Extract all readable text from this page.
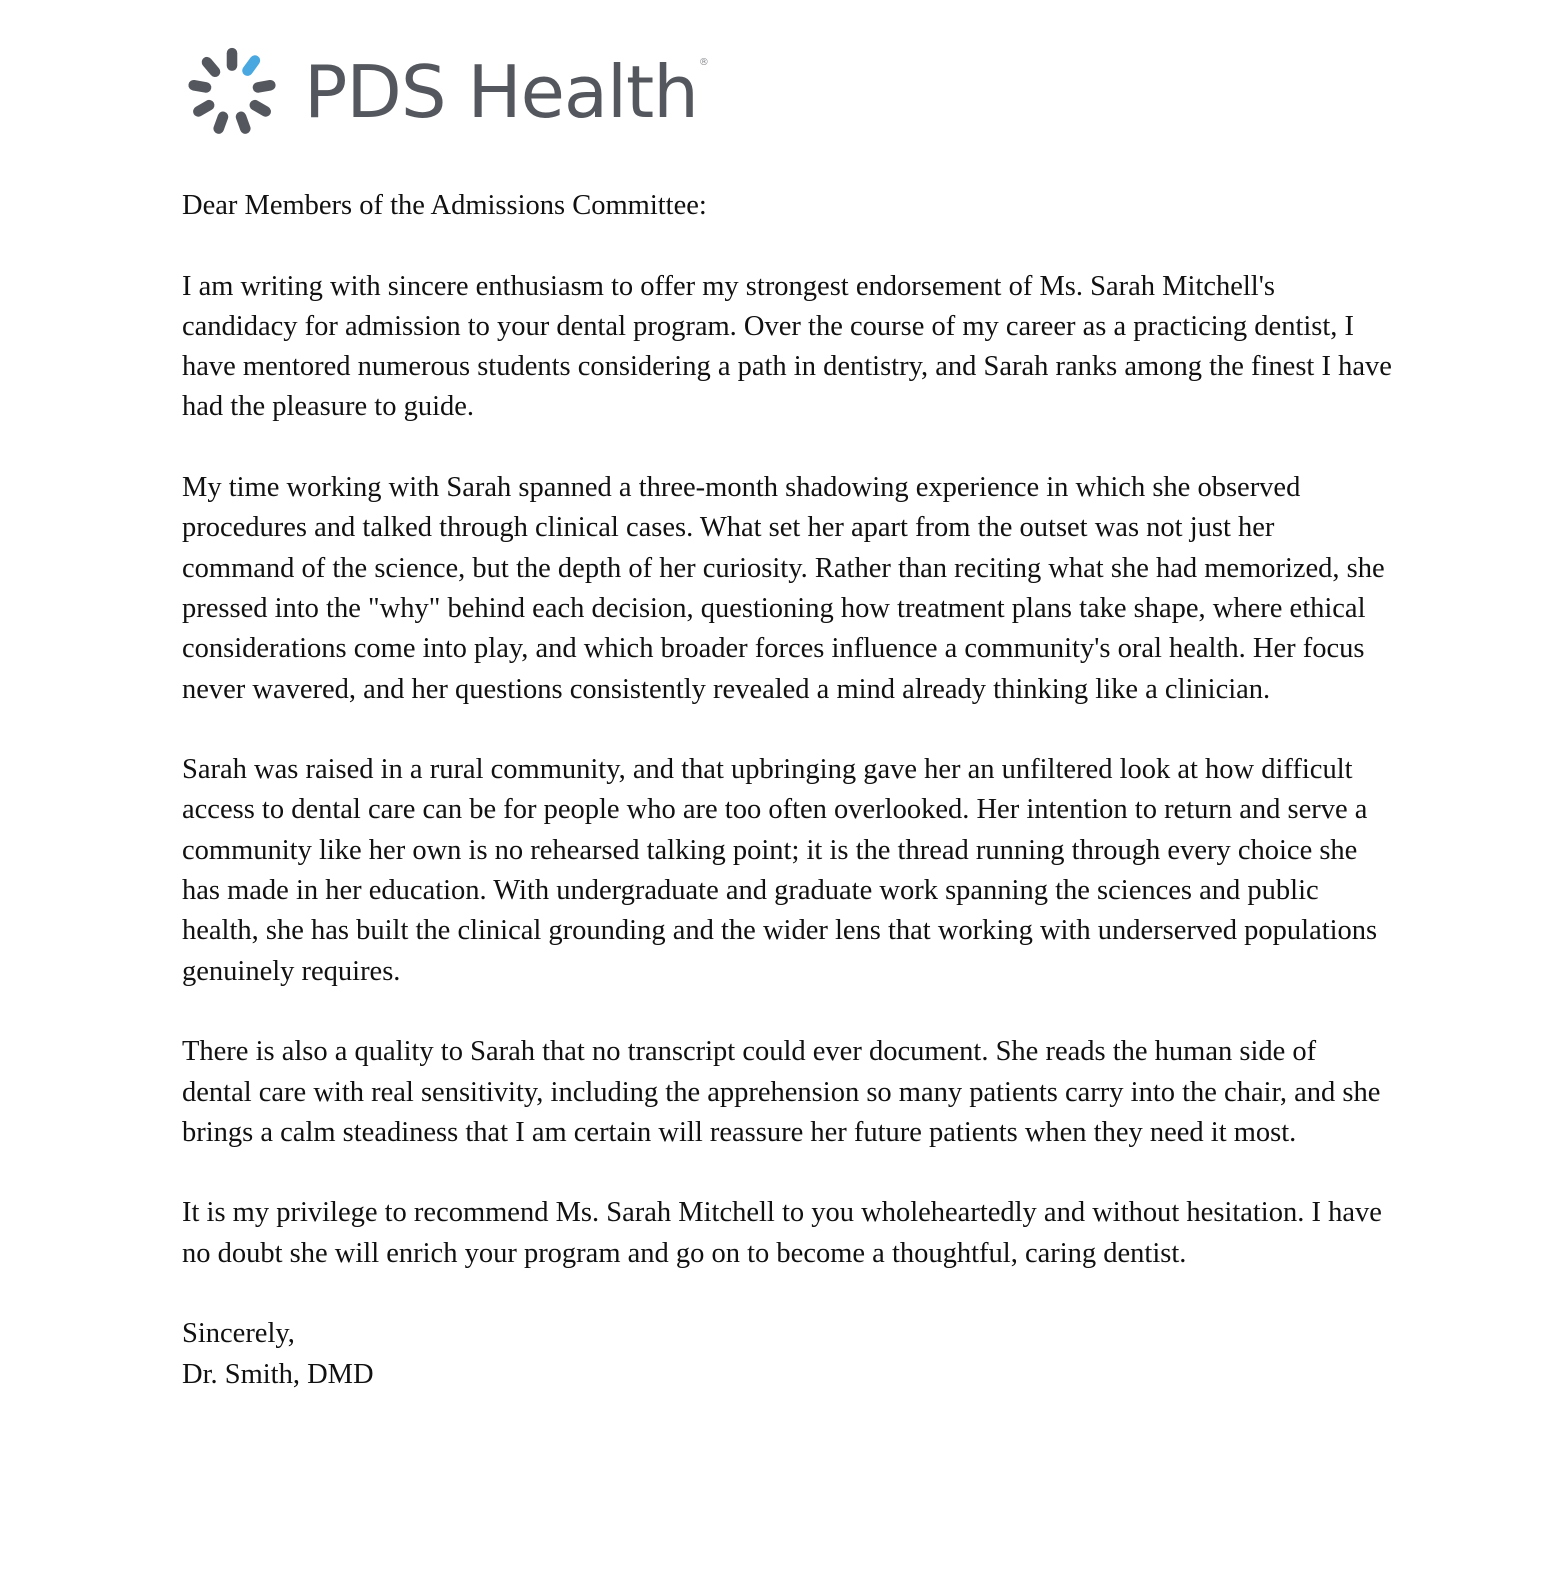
PDS Health ®

Dear Members of the Admissions Committee:

I am writing with sincere enthusiasm to offer my strongest endorsement of Ms. Sarah Mitchell's candidacy for admission to your dental program. Over the course of my career as a practicing dentist, I have mentored numerous students considering a path in dentistry, and Sarah ranks among the finest I have had the pleasure to guide.

My time working with Sarah spanned a three-month shadowing experience in which she observed procedures and talked through clinical cases. What set her apart from the outset was not just her command of the science, but the depth of her curiosity. Rather than reciting what she had memorized, she pressed into the "why" behind each decision, questioning how treatment plans take shape, where ethical considerations come into play, and which broader forces influence a community's oral health. Her focus never wavered, and her questions consistently revealed a mind already thinking like a clinician.

Sarah was raised in a rural community, and that upbringing gave her an unfiltered look at how difficult access to dental care can be for people who are too often overlooked. Her intention to return and serve a community like her own is no rehearsed talking point; it is the thread running through every choice she has made in her education. With undergraduate and graduate work spanning the sciences and public health, she has built the clinical grounding and the wider lens that working with underserved populations genuinely requires.

There is also a quality to Sarah that no transcript could ever document. She reads the human side of dental care with real sensitivity, including the apprehension so many patients carry into the chair, and she brings a calm steadiness that I am certain will reassure her future patients when they need it most.

It is my privilege to recommend Ms. Sarah Mitchell to you wholeheartedly and without hesitation. I have no doubt she will enrich your program and go on to become a thoughtful, caring dentist.

Sincerely,
Dr. Smith, DMD
